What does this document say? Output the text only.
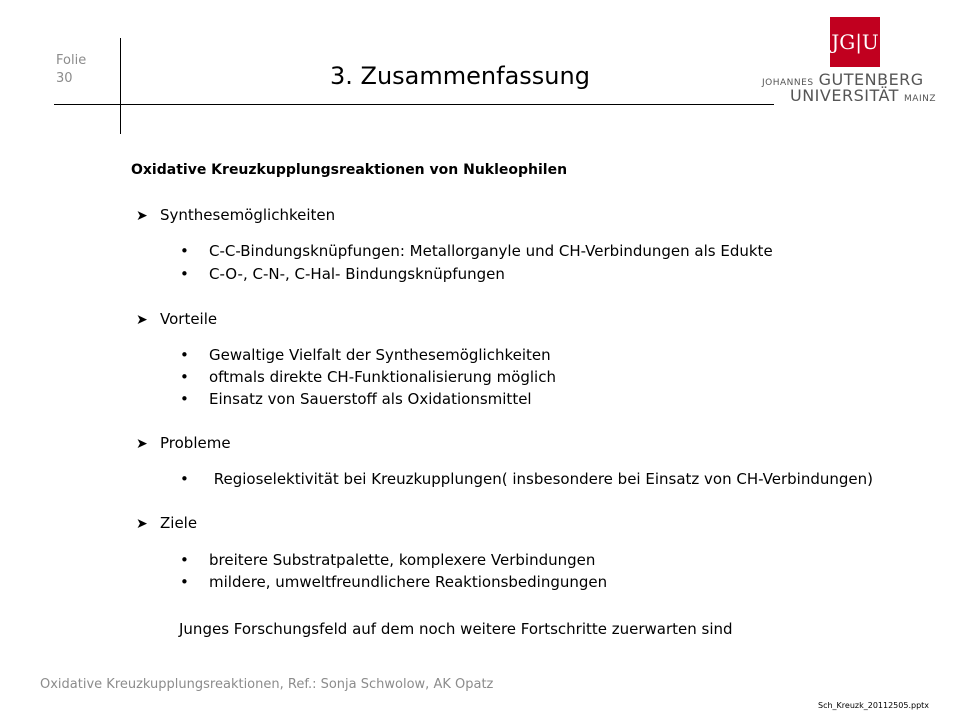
Folie
30	3. Zusammenfassung
JG|U
JOHANNES GUTENBERG
UNIVERSITÄT MAINZ
Oxidative Kreuzkupplungsreaktionen von Nukleophilen
➤ Synthesemöglichkeiten
• C-C-Bindungsknüpfungen: Metallorganyle und CH-Verbindungen als Edukte
• C-O-, C-N-, C-Hal- Bindungsknüpfungen
➤ Vorteile
• Gewaltige Vielfalt der Synthesemöglichkeiten
• oftmals direkte CH-Funktionalisierung möglich
• Einsatz von Sauerstoff als Oxidationsmittel
➤ Probleme
• Regioselektivität bei Kreuzkupplungen( insbesondere bei Einsatz von CH-Verbindungen)
➤ Ziele
• breitere Substratpalette, komplexere Verbindungen
• mildere, umweltfreundlichere Reaktionsbedingungen
Junges Forschungsfeld auf dem noch weitere Fortschritte zuerwarten sind
Oxidative Kreuzkupplungsreaktionen, Ref.: Sonja Schwolow, AK Opatz
Sch_Kreuzk_20112505.pptx
